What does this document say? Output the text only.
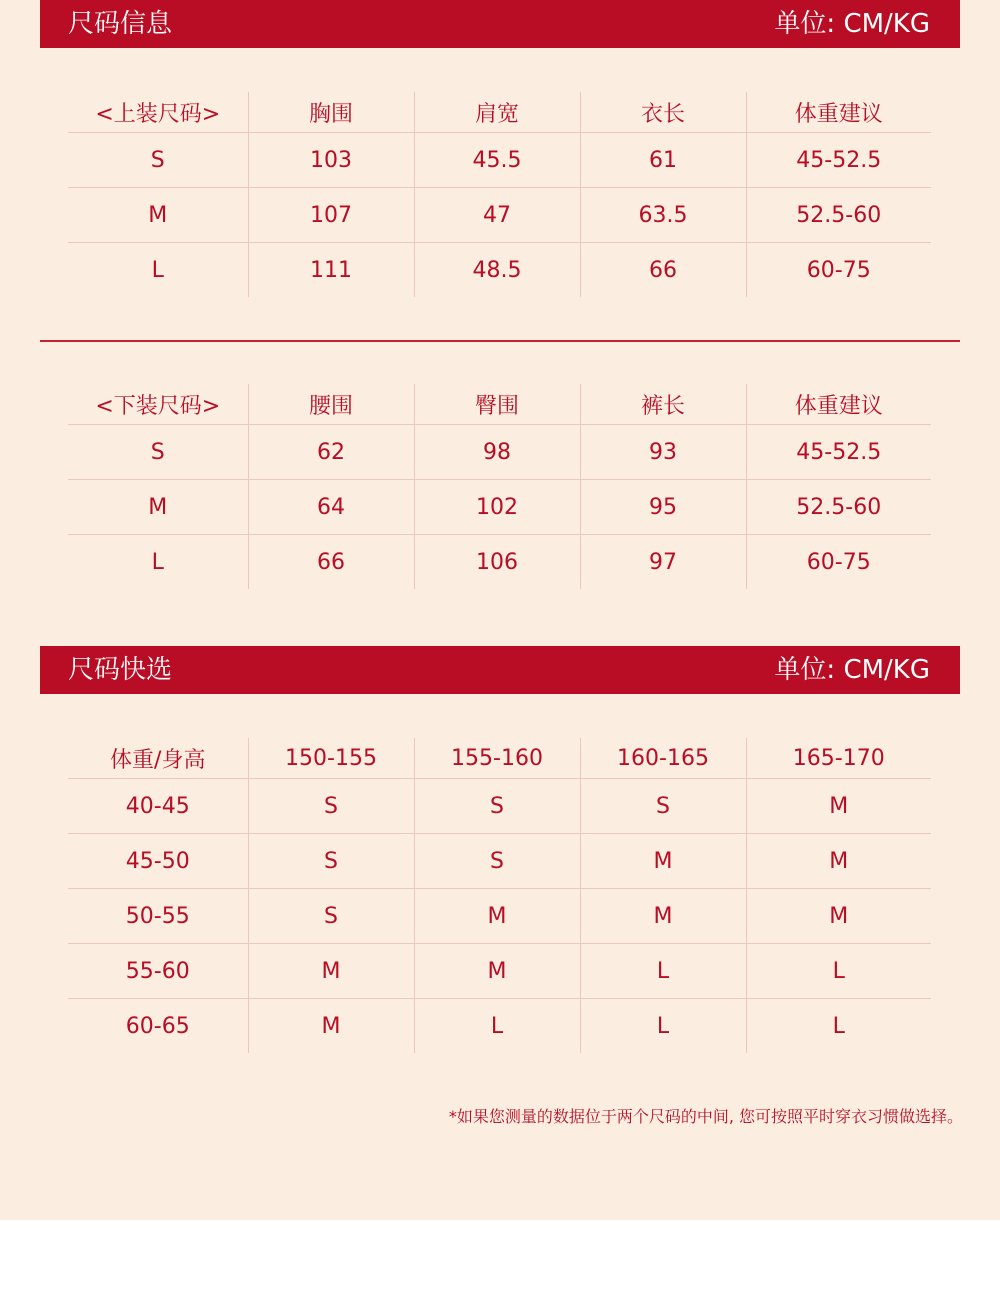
尺码信息	单位: CM/KG
<上装尺码>	胸围	肩宽	衣长	体重建议
S	103	45.5	61	45-52.5
M	107	47	63.5	52.5-60
L	111	48.5	66	60-75
<下装尺码>	腰围	臀围	裤长	体重建议
S	62	98	93	45-52.5
M	64	102	95	52.5-60
L	66	106	97	60-75
尺码快选	单位: CM/KG
体重/身高	150-155	155-160	160-165	165-170
40-45	S	S	S	M
45-50	S	S	M	M
50-55	S	M	M	M
55-60	M	M	L	L
60-65	M	L	L	L
*如果您测量的数据位于两个尺码的中间, 您可按照平时穿衣习惯做选择。
